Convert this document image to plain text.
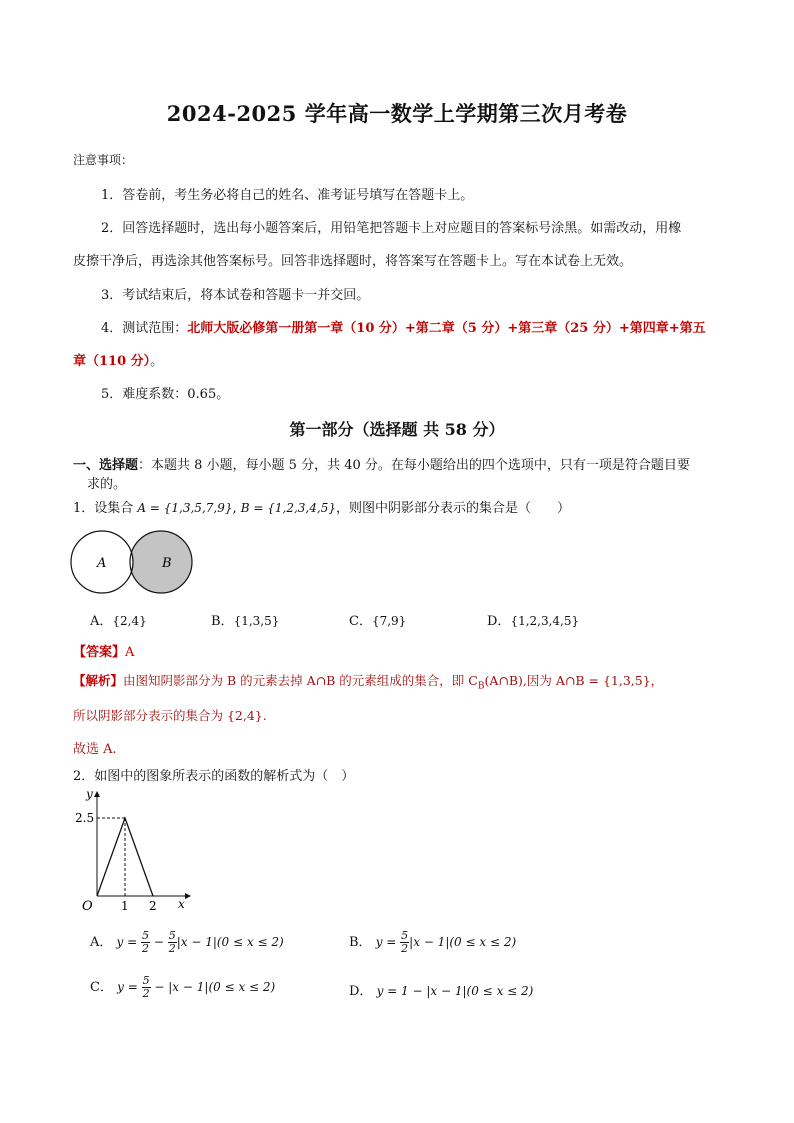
2024-2025 学年高一数学上学期第三次月考卷
注意事项：
1．答卷前，考生务必将自己的姓名、准考证号填写在答题卡上。
2．回答选择题时，选出每小题答案后，用铅笔把答题卡上对应题目的答案标号涂黑。如需改动，用橡
皮擦干净后，再选涂其他答案标号。回答非选择题时，将答案写在答题卡上。写在本试卷上无效。
3．考试结束后，将本试卷和答题卡一并交回。
4．测试范围：北师大版必修第一册第一章（10 分）+第二章（5 分）+第三章（25 分）+第四章+第五
章（110 分）。
5．难度系数：0.65。
第一部分（选择题 共 58 分）
一、选择题：本题共 8 小题，每小题 5 分，共 40 分。在每小题给出的四个选项中，只有一项是符合题目要
求的。
1．设集合 A = {1,3,5,7,9}, B = {1,2,3,4,5}，则图中阴影部分表示的集合是（　　）
A	B
A．{2,4}	B．{1,3,5}	C．{7,9}	D．{1,2,3,4,5}
【答案】A
【解析】由图知阴影部分为 B 的元素去掉 A∩B 的元素组成的集合，即 $C_B(A\cap B)$,因为 A∩B = {1,3,5}，
所以阴影部分表示的集合为 {2,4}.
故选 A.
2．如图中的图象所表示的函数的解析式为（　）
y
x
O 1 2
2.5
A． $y = \frac{5}{2} - \frac{5}{2} |x - 1|(0 \le x \le 2)$	B． $y = \frac{5}{2} |x - 1|(0 \le x \le 2)$
C． $y = \frac{5}{2} - |x - 1|(0 \le x \le 2)$	D． y = 1 − |x − 1|(0 ≤ x ≤ 2)
